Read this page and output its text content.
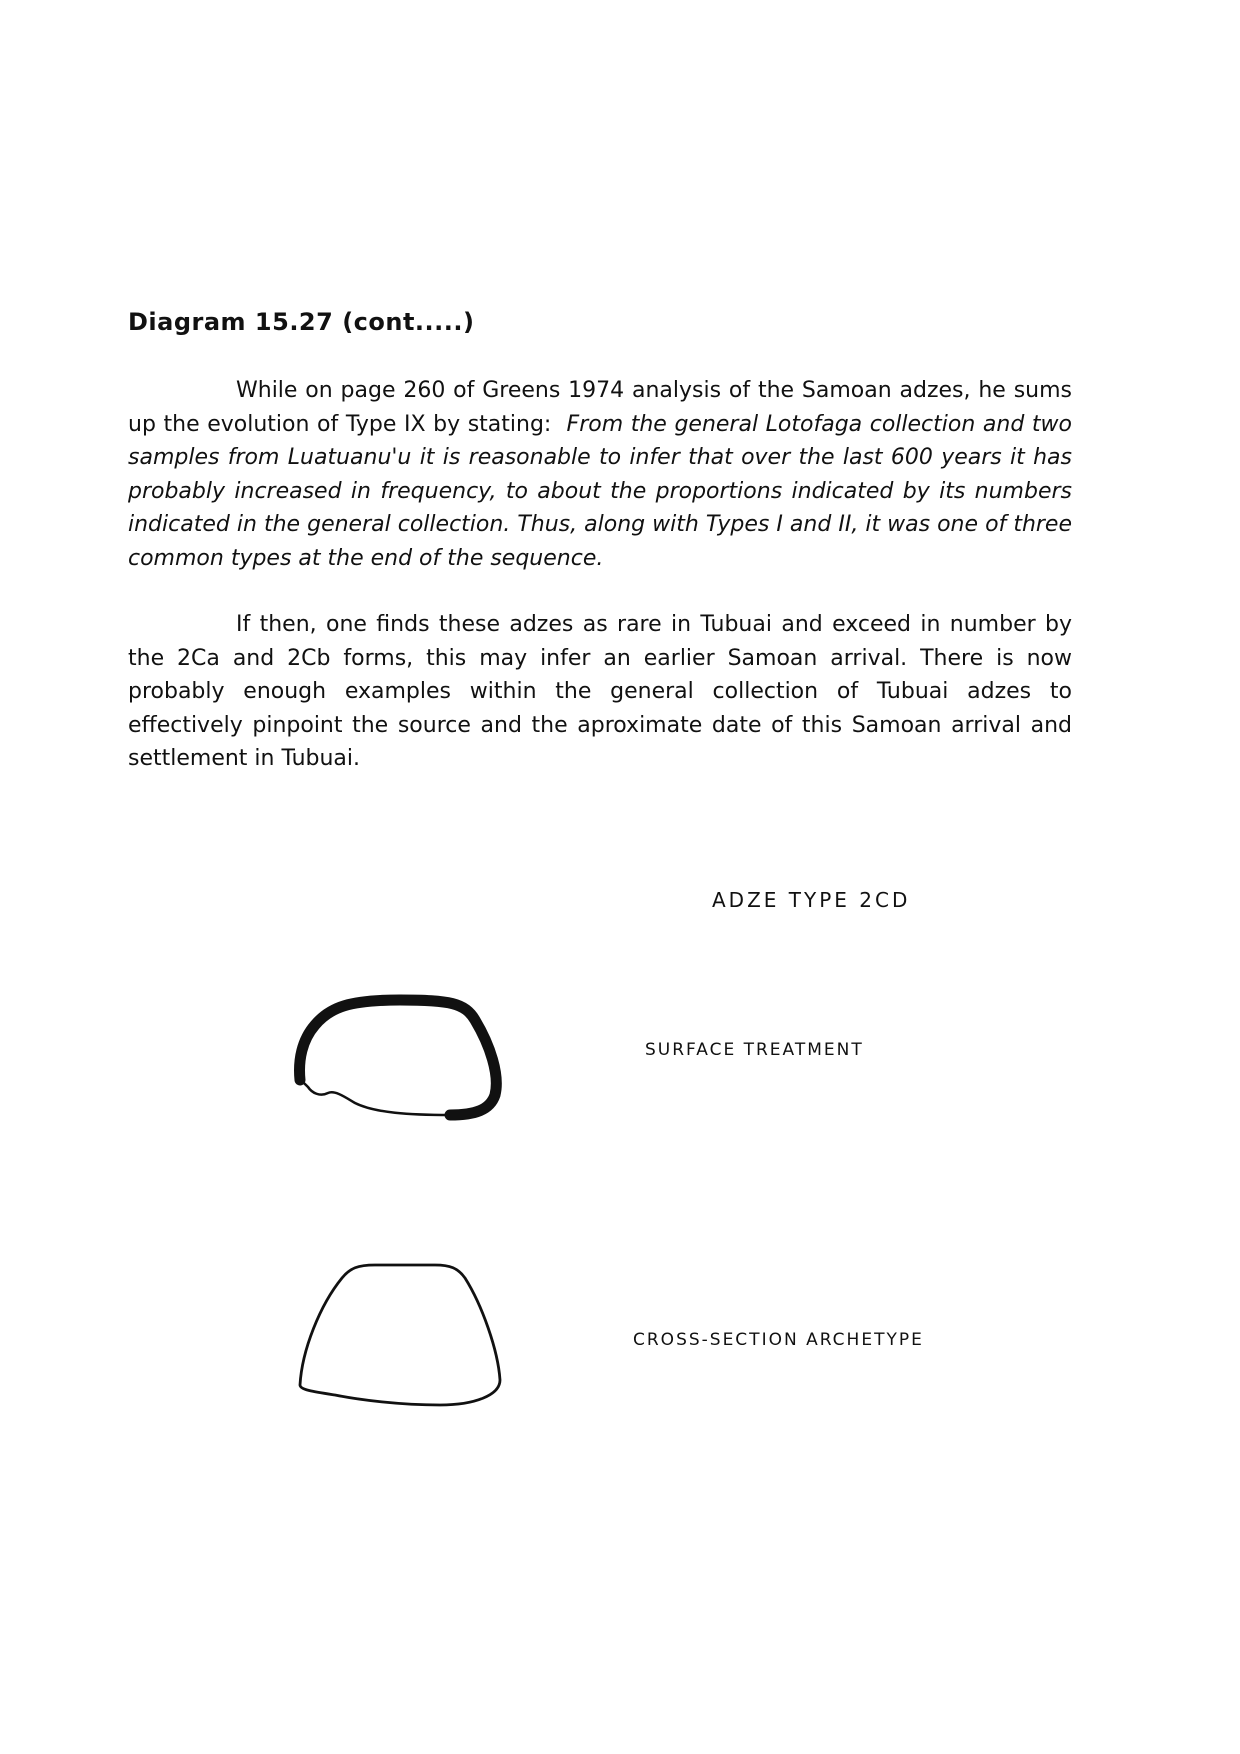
Diagram 15.27 (cont.....)
While on page 260 of Greens 1974 analysis of the Samoan adzes, he sums up the evolution of Type IX by stating: From the general Lotofaga collection and two samples from Luatuanu'u it is reasonable to infer that over the last 600 years it has probably increased in frequency, to about the proportions indicated by its numbers indicated in the general collection. Thus, along with Types I and II, it was one of three common types at the end of the sequence.
If then, one finds these adzes as rare in Tubuai and exceed in number by the 2Ca and 2Cb forms, this may infer an earlier Samoan arrival. There is now probably enough examples within the general collection of Tubuai adzes to effectively pinpoint the source and the aproximate date of this Samoan arrival and settlement in Tubuai.
ADZE TYPE 2CD
SURFACE TREATMENT
CROSS-SECTION ARCHETYPE
